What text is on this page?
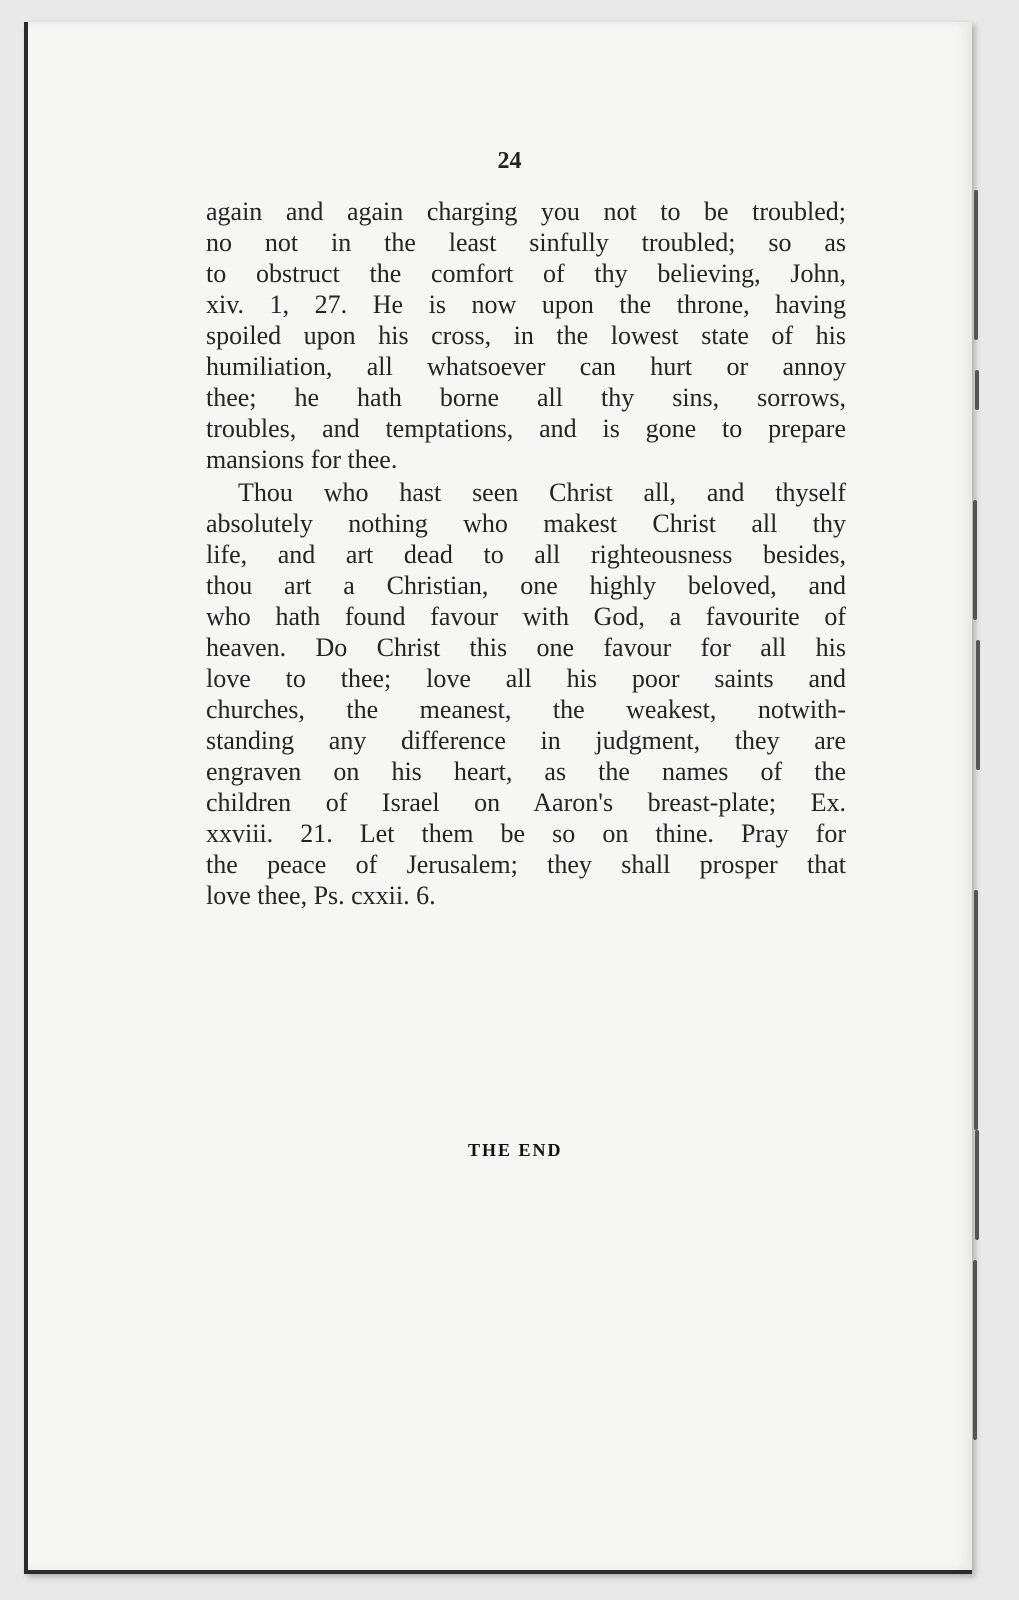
24
again and again charging you not to be troubled;
no not in the least sinfully troubled; so as
to obstruct the comfort of thy believing, John,
xiv. 1, 27. He is now upon the throne, having
spoiled upon his cross, in the lowest state of his
humiliation, all whatsoever can hurt or annoy
thee; he hath borne all thy sins, sorrows,
troubles, and temptations, and is gone to prepare
mansions for thee.
Thou who hast seen Christ all, and thyself
absolutely nothing who makest Christ all thy
life, and art dead to all righteousness besides,
thou art a Christian, one highly beloved, and
who hath found favour with God, a favourite of
heaven. Do Christ this one favour for all his
love to thee; love all his poor saints and
churches, the meanest, the weakest, notwith-
standing any difference in judgment, they are
engraven on his heart, as the names of the
children of Israel on Aaron's breast-plate; Ex.
xxviii. 21. Let them be so on thine. Pray for
the peace of Jerusalem; they shall prosper that
love thee, Ps. cxxii. 6.
THE END
